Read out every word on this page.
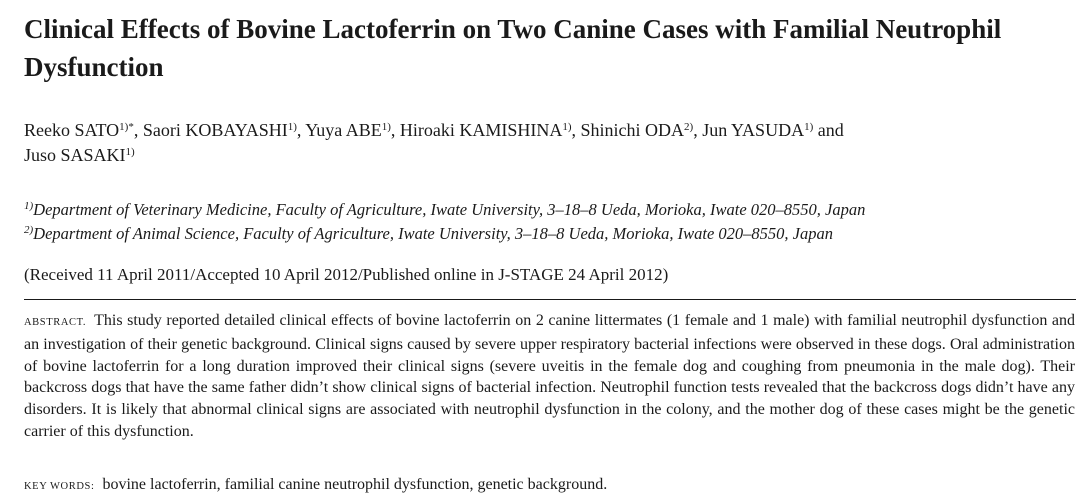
Clinical Effects of Bovine Lactoferrin on Two Canine Cases with Familial Neutrophil Dysfunction
Reeko $SATO^{1)*}$, Saori KOBAYASHI$^{1)}$, Yuya ABE$^{1)}$, Hiroaki KAMISHINA$^{1)}$, Shinichi ODA$^{2)}$, Jun YASUDA$^{1)}$ and
Juso SASAKI$^{1)}$
$^{1)}$Department of Veterinary Medicine, Faculty of Agriculture, Iwate University, 3–18–8 Ueda, Morioka, Iwate 020–8550, Japan
$^{2)}$Department of Animal Science, Faculty of Agriculture, Iwate University, 3–18–8 Ueda, Morioka, Iwate 020–8550, Japan
(Received 11 April 2011/Accepted 10 April 2012/Published online in J-STAGE 24 April 2012)
ABSTRACT. This study reported detailed clinical effects of bovine lactoferrin on 2 canine littermates (1 female and 1 male) with familial neutrophil dysfunction and an investigation of their genetic background. Clinical signs caused by severe upper respiratory bacterial infections were observed in these dogs. Oral administration of bovine lactoferrin for a long duration improved their clinical signs (severe uveitis in the female dog and coughing from pneumonia in the male dog). Their backcross dogs that have the same father didn’t show clinical signs of bacterial infection. Neutrophil function tests revealed that the backcross dogs didn’t have any disorders. It is likely that abnormal clinical signs are associated with neutrophil dysfunction in the colony, and the mother dog of these cases might be the genetic carrier of this dysfunction.
KEY WORDS: bovine lactoferrin, familial canine neutrophil dysfunction, genetic background.
